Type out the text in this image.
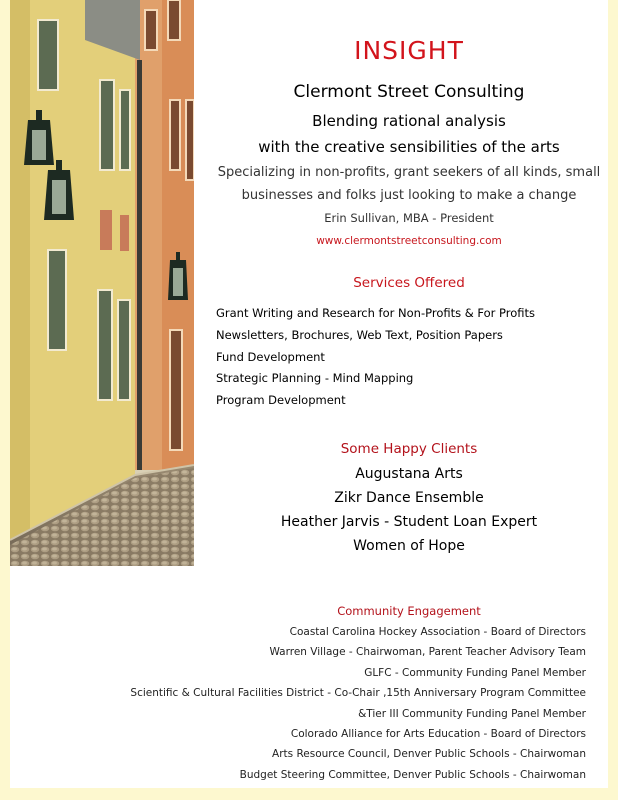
INSIGHT
Clermont Street Consulting
Blending rational analysis
with the creative sensibilities of the arts
Specializing in non-profits, grant seekers of all kinds, small
businesses and folks just looking to make a change
Erin Sullivan, MBA - President
www.clermontstreetconsulting.com
Services Offered
Grant Writing and Research for Non-Profits & For Profits
Newsletters, Brochures, Web Text, Position Papers
Fund Development
Strategic Planning - Mind Mapping
Program Development
Some Happy Clients
Augustana Arts
Zikr Dance Ensemble
Heather Jarvis - Student Loan Expert
Women of Hope
Community Engagement
Coastal Carolina Hockey Association - Board of Directors
Warren Village - Chairwoman, Parent Teacher Advisory Team
GLFC - Community Funding Panel Member
Scientific & Cultural Facilities District - Co-Chair ,15th Anniversary Program Committee
&Tier III Community Funding Panel Member
Colorado Alliance for Arts Education - Board of Directors
Arts Resource Council, Denver Public Schools - Chairwoman
Budget Steering Committee, Denver Public Schools - Chairwoman
